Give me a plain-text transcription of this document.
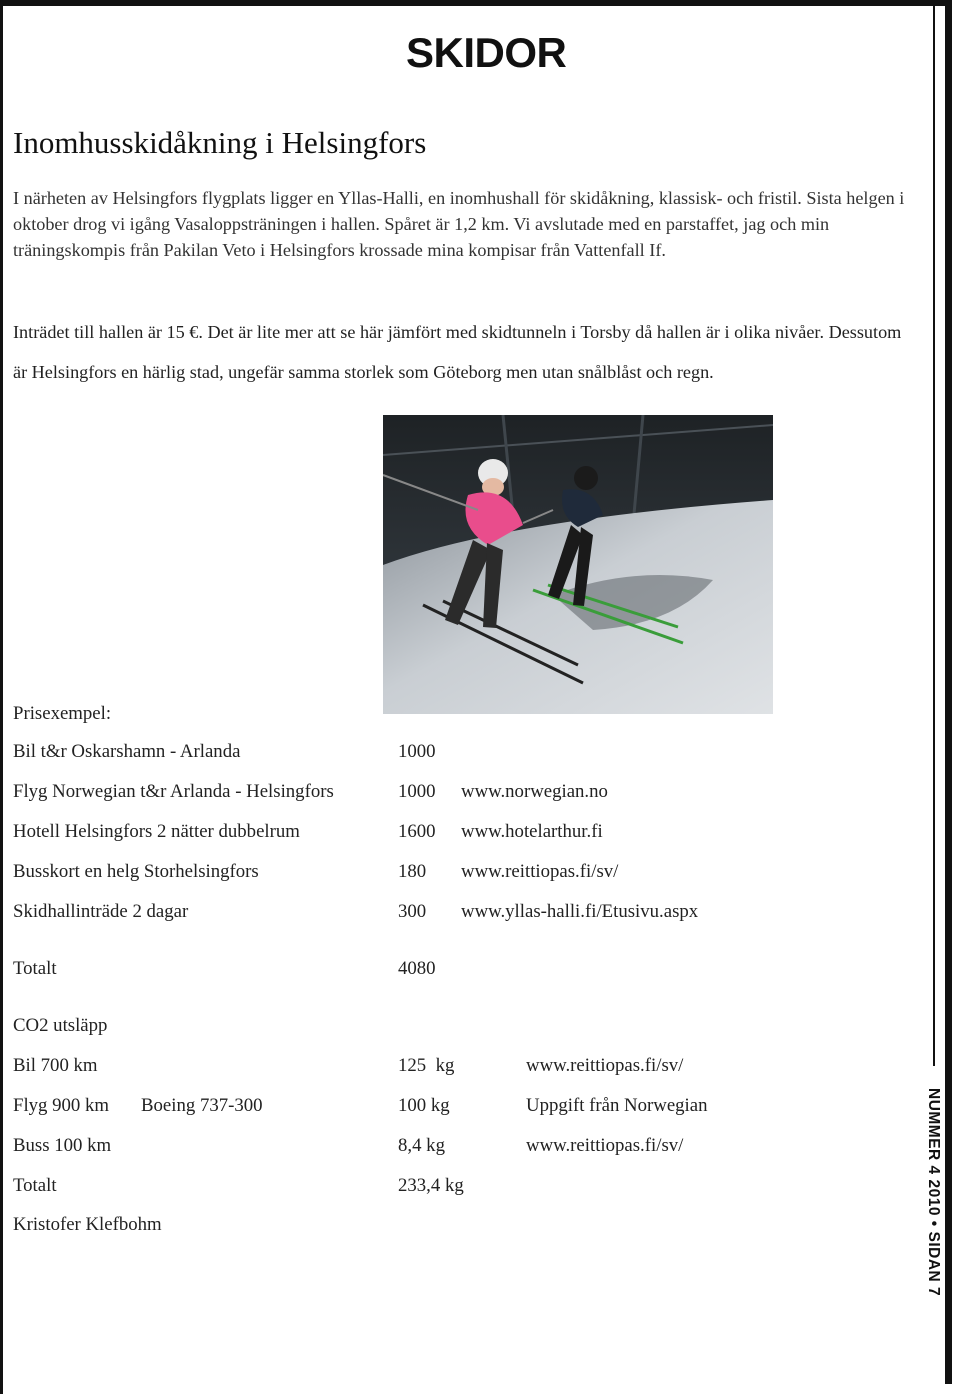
SKIDOR
Inomhusskidåkning i Helsingfors

I närheten av Helsingfors flygplats ligger en Yllas-Halli, en inomhushall för skidåkning, klassisk- och fristil. Sista helgen i oktober drog vi igång Vasaloppsträningen i hallen. Spåret är 1,2 km. Vi avslutade med en parstaffet, jag och min träningskompis från Pakilan Veto i Helsingfors krossade mina kompisar från Vattenfall If.

Inträdet till hallen är 15 €. Det är lite mer att se här jämfört med skidtunneln i Torsby då hallen är i olika nivåer. Dessutom är Helsingfors en härlig stad, ungefär samma storlek som Göteborg men utan snålblåst och regn.

Prisexempel:
Bil t&r Oskarshamn - Arlanda	1000
Flyg Norwegian t&r Arlanda - Helsingfors	1000 www.norwegian.no
Hotell Helsingfors 2 nätter dubbelrum	1600 www.hotelarthur.fi
Busskort en helg Storhelsingfors	180 www.reittiopas.fi/sv/
Skidhallinträde 2 dagar	300 www.yllas-halli.fi/Etusivu.aspx
Totalt	4080
CO2 utsläpp
Bil 700 km	125  kg	www.reittiopas.fi/sv/
Flyg 900 km Boeing 737-300	100 kg	Uppgift från Norwegian
Buss 100 km	8,4 kg	www.reittiopas.fi/sv/
Totalt	233,4 kg
Kristofer Klefbohm	NUMMER 4 2010 • SIDAN 7
